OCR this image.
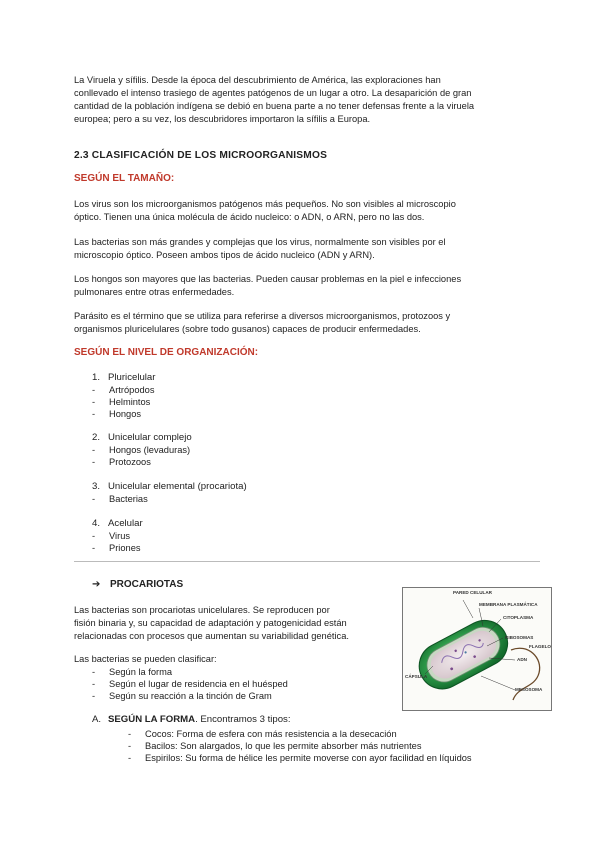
La Viruela y sífilis. Desde la época del descubrimiento de América, las exploraciones han
conllevado el intenso trasiego de agentes patógenos de un lugar a otro. La desaparición de gran
cantidad de la población indígena se debió en buena parte a no tener defensas frente a la viruela
europea; pero a su vez, los descubridores importaron la sífilis a Europa.
2.3 CLASIFICACIÓN DE LOS MICROORGANISMOS
SEGÚN EL TAMAÑO:
Los virus son los microorganismos patógenos más pequeños. No son visibles al microscopio
óptico. Tienen una única molécula de ácido nucleico: o ADN, o ARN, pero no las dos.
Las bacterias son más grandes y complejas que los virus, normalmente son visibles por el
microscopio óptico. Poseen ambos tipos de ácido nucleico (ADN y ARN).
Los hongos son mayores que las bacterias. Pueden causar problemas en la piel e infecciones
pulmonares entre otras enfermedades.
Parásito es el término que se utiliza para referirse a diversos microorganismos, protozoos y
organismos pluricelulares (sobre todo gusanos) capaces de producir enfermedades.
SEGÚN EL NIVEL DE ORGANIZACIÓN:
1. Pluricelular
- Artrópodos
- Helmintos
- Hongos
2. Unicelular complejo
- Hongos (levaduras)
- Protozoos
3. Unicelular elemental (procariota)
- Bacterias
4. Acelular
- Virus
- Priones
➔ PROCARIOTAS
Las bacterias son procariotas unicelulares. Se reproducen por
fisión binaria y, su capacidad de adaptación y patogenicidad están
relacionadas con procesos que aumentan su variabilidad genética.
Las bacterias se pueden clasificar:
- Según la forma
- Según el lugar de residencia en el huésped
- Según su reacción a la tinción de Gram
A. SEGÚN LA FORMA. Encontramos 3 tipos:
- Cocos: Forma de esfera con más resistencia a la desecación
- Bacilos: Son alargados, lo que les permite absorber más nutrientes
- Espirilos: Su forma de hélice les permite moverse con ayor facilidad en líquidos
PARED CELULAR
MEMBRANA PLASMÁTICA
CITOPLASMA
RIBOSOMAS
FLAGELO
ADN
CÁPSULA
MESOSOMA
